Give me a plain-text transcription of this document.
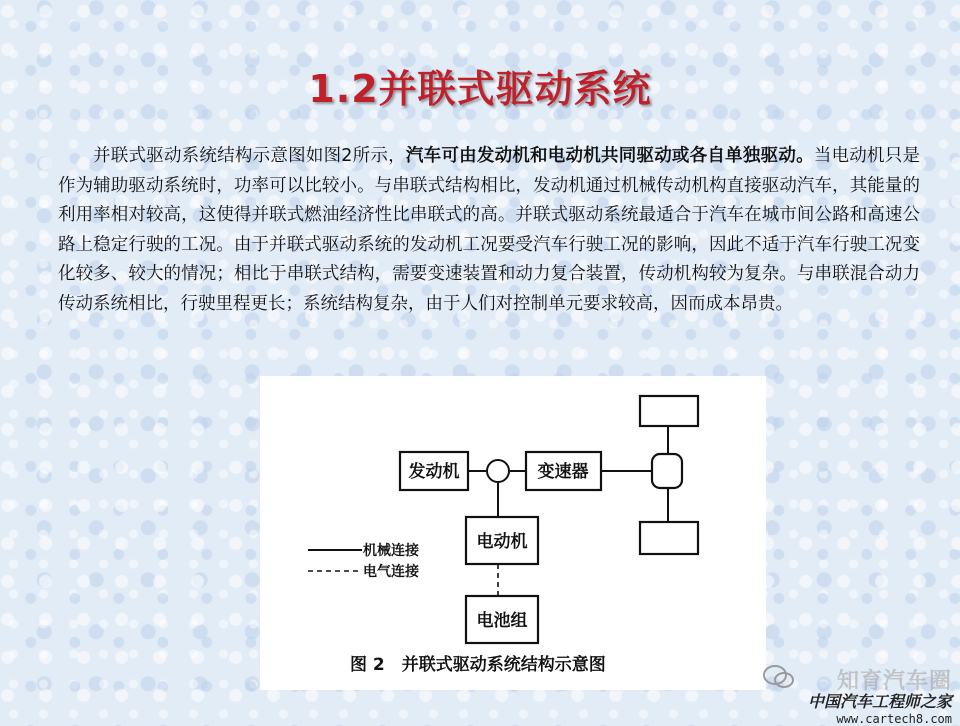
1.2并联式驱动系统
并联式驱动系统结构示意图如图2所示，汽车可由发动机和电动机共同驱动或各自单独驱动。当电动机只是作为辅助驱动系统时，功率可以比较小。与串联式结构相比，发动机通过机械传动机构直接驱动汽车，其能量的利用率相对较高，这使得并联式燃油经济性比串联式的高。并联式驱动系统最适合于汽车在城市间公路和高速公路上稳定行驶的工况。由于并联式驱动系统的发动机工况要受汽车行驶工况的影响，因此不适于汽车行驶工况变化较多、较大的情况；相比于串联式结构，需要变速装置和动力复合装置，传动机构较为复杂。与串联混合动力传动系统相比，行驶里程更长；系统结构复杂，由于人们对控制单元要求较高，因而成本昂贵。
发动机	变速器
电动机
电池组
机械连接
电气连接
图 2　并联式驱动系统结构示意图
知育汽车圈
中国汽车工程师之家
www.cartech8.com
